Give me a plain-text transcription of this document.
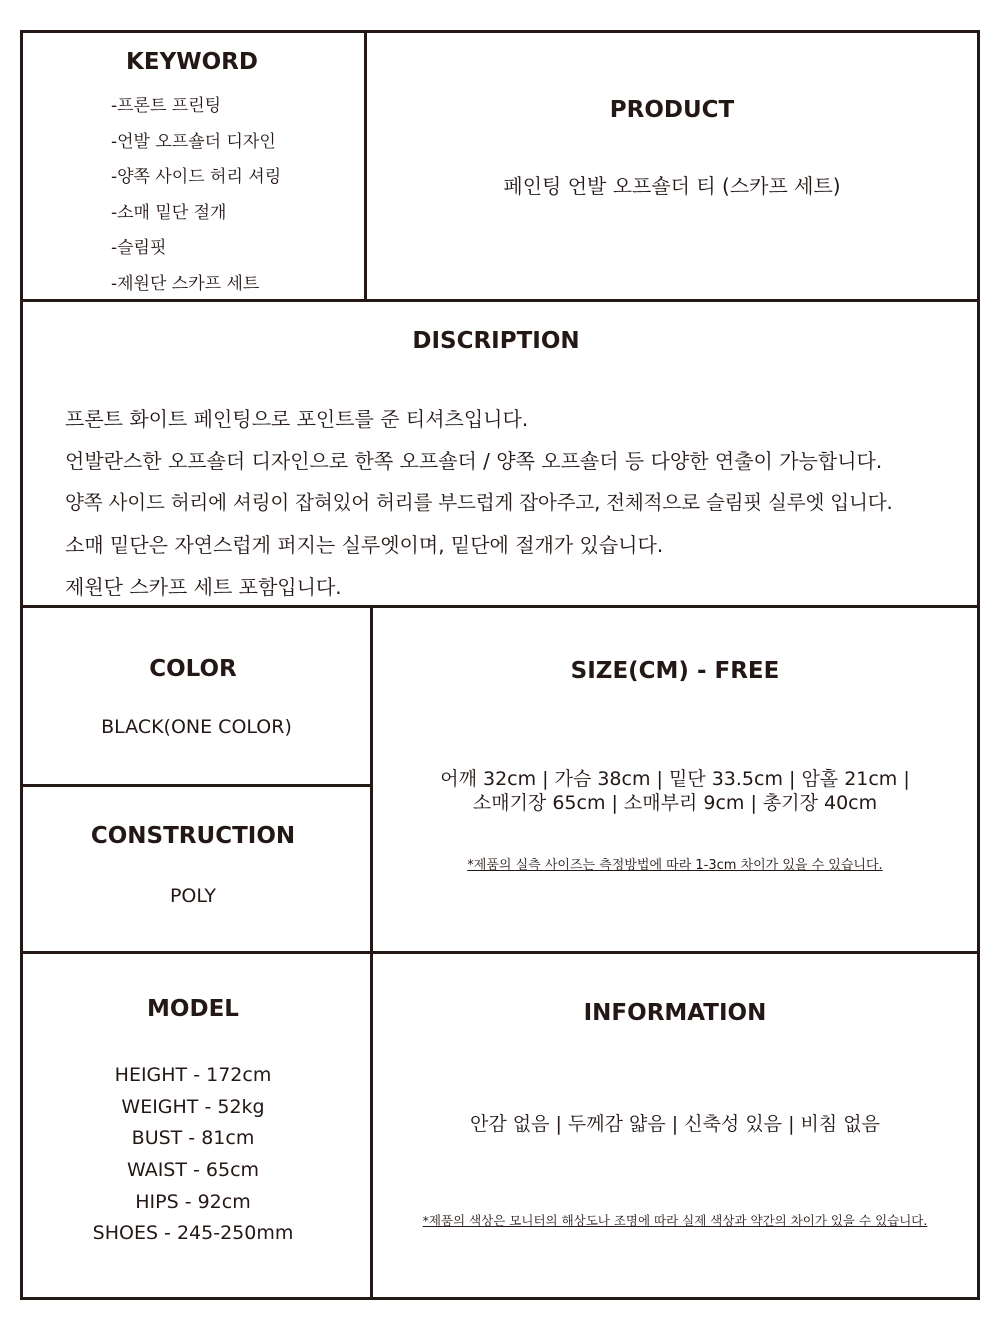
KEYWORD
-프론트 프린팅
-언발 오프숄더 디자인
-양쪽 사이드 허리 셔링
-소매 밑단 절개
-슬림핏
-제원단 스카프 세트
PRODUCT
페인팅 언발 오프숄더 티 (스카프 세트)
DISCRIPTION

프론트 화이트 페인팅으로 포인트를 준 티셔츠입니다.

언발란스한 오프숄더 디자인으로 한쪽 오프숄더 / 양쪽 오프숄더 등 다양한 연출이 가능합니다.

양쪽 사이드 허리에 셔링이 잡혀있어 허리를 부드럽게 잡아주고, 전체적으로 슬림핏 실루엣 입니다.

소매 밑단은 자연스럽게 퍼지는 실루엣이며, 밑단에 절개가 있습니다.

제원단 스카프 세트 포함입니다.

COLOR
BLACK(ONE COLOR)
CONSTRUCTION
POLY
SIZE(CM) - FREE
어깨 32cm | 가슴 38cm | 밑단 33.5cm | 암홀 21cm |
소매기장 65cm | 소매부리 9cm | 총기장 40cm
*제품의 실측 사이즈는 측정방법에 따라 1-3cm 차이가 있을 수 있습니다.
MODEL
HEIGHT - 172cm
WEIGHT - 52kg
BUST - 81cm
WAIST - 65cm
HIPS - 92cm
SHOES - 245-250mm
INFORMATION
안감 없음 | 두께감 얇음 | 신축성 있음 | 비침 없음
*제품의 색상은 모니터의 해상도나 조명에 따라 실제 색상과 약간의 차이가 있을 수 있습니다.
